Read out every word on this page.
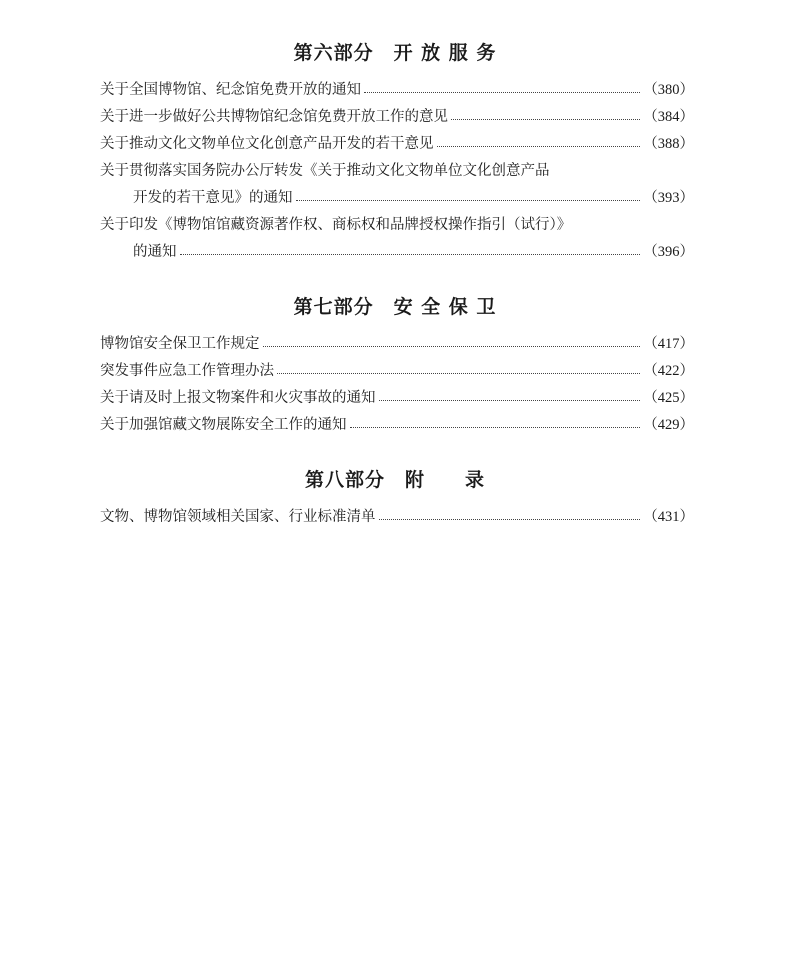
第六部分　开 放 服 务
关于全国博物馆、纪念馆免费开放的通知	（380）
关于进一步做好公共博物馆纪念馆免费开放工作的意见	（384）
关于推动文化文物单位文化创意产品开发的若干意见	（388）
关于贯彻落实国务院办公厅转发《关于推动文化文物单位文化创意产品
开发的若干意见》的通知	（393）
关于印发《博物馆馆藏资源著作权、商标权和品牌授权操作指引（试行）》
的通知	（396）
第七部分　安 全 保 卫
博物馆安全保卫工作规定	（417）
突发事件应急工作管理办法	（422）
关于请及时上报文物案件和火灾事故的通知	（425）
关于加强馆藏文物展陈安全工作的通知	（429）
第八部分　附　　录
文物、博物馆领域相关国家、行业标准清单	（431）
